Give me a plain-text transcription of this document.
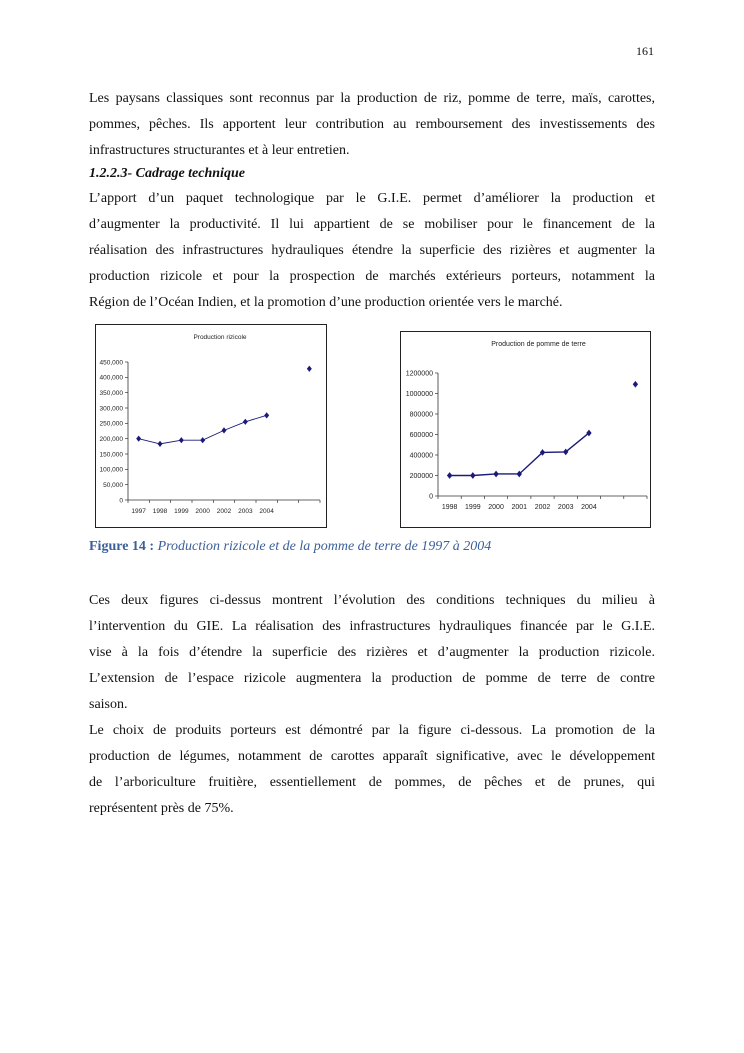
161

Les paysans classiques sont reconnus par la production de riz, pomme de terre, maïs, carottes,
pommes, pêches. Ils apportent leur contribution au remboursement des investissements des
infrastructures structurantes et à leur entretien.

1.2.2.3- Cadrage technique

L’apport d’un paquet technologique par le G.I.E. permet d’améliorer la production et
d’augmenter la productivité. Il lui appartient de se mobiliser pour le financement de la
réalisation des infrastructures hydrauliques étendre la superficie des rizières et augmenter la
production rizicole et pour la prospection de marchés extérieurs porteurs, notamment la
Région de l’Océan Indien, et la promotion d’une production orientée vers le marché.

Production rizicole
0
50,000
100,000
150,000
200,000
250,000
300,000
350,000
400,000
450,000
1997 1998 1999 2000 2002 2003 2004
Production de pomme de terre
0
200000
400000
600000
800000
1000000
1200000
1998 1999 2000 2001 2002 2003 2004

Figure 14 : Production rizicole et de la pomme de terre de 1997 à 2004

Ces deux figures ci-dessus montrent l’évolution des conditions techniques du milieu à
l’intervention du GIE. La réalisation des infrastructures hydrauliques financée par le G.I.E.
vise à la fois d’étendre la superficie des rizières et d’augmenter la production rizicole.
L’extension de l’espace rizicole augmentera la production de pomme de terre de contre
saison.

Le choix de produits porteurs est démontré par la figure ci-dessous. La promotion de la
production de légumes, notamment de carottes apparaît significative, avec le développement
de l’arboriculture fruitière, essentiellement de pommes, de pêches et de prunes, qui
représentent près de 75%.
